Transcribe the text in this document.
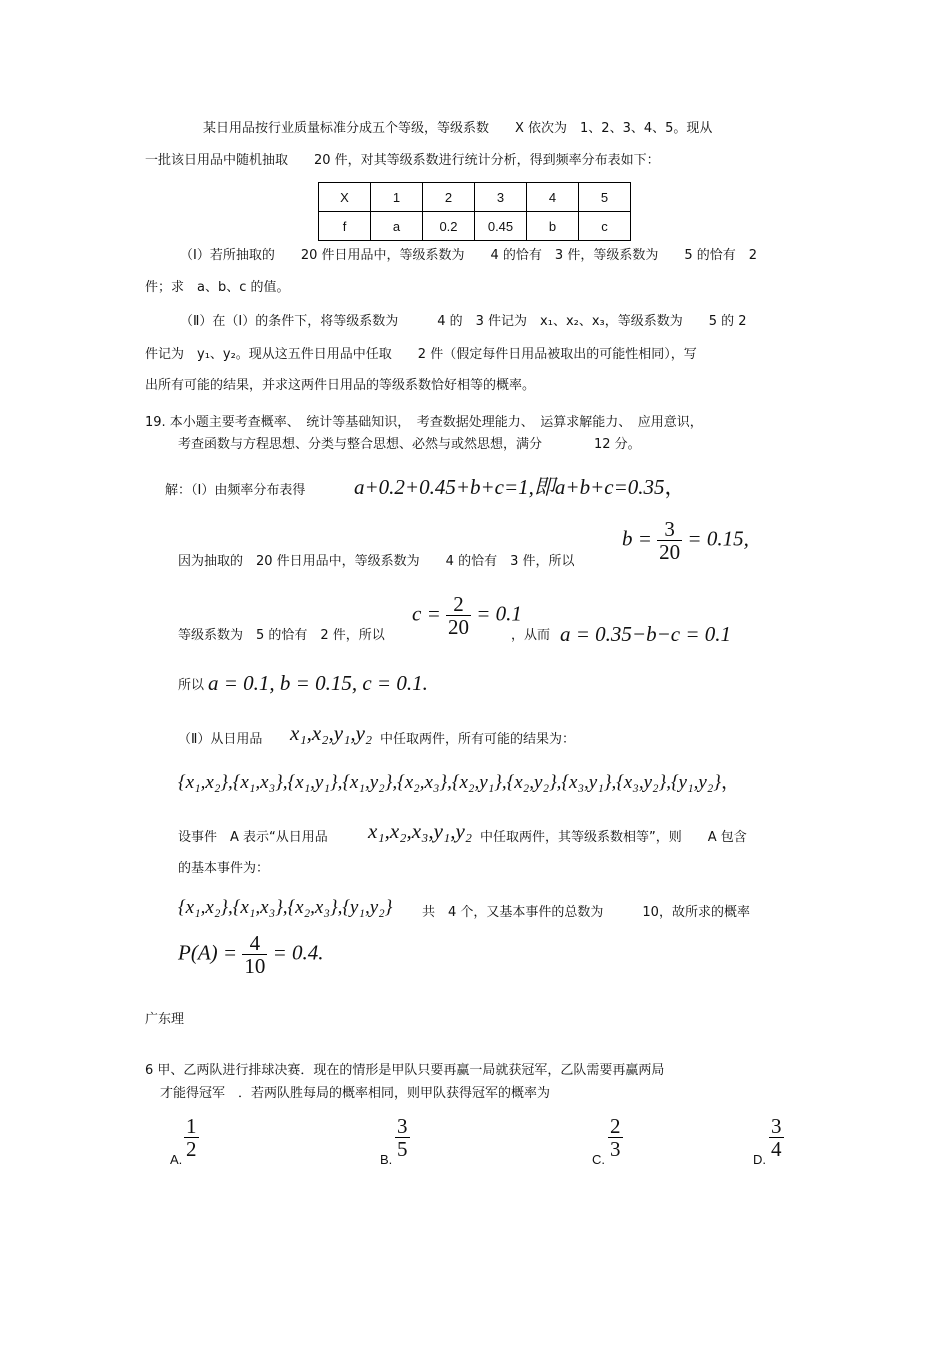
某日用品按行业质量标准分成五个等级，等级系数　　X 依次为　1、2、3、4、5。现从
一批该日用品中随机抽取　　20 件，对其等级系数进行统计分析，得到频率分布表如下：
X	1	2	3	4	5
f	a	0.2	0.45	b	c
（Ⅰ）若所抽取的　　20 件日用品中，等级系数为　　4 的恰有　3 件，等级系数为　　5 的恰有　2
件；求　a、b、c 的值。
（Ⅱ）在（Ⅰ）的条件下，将等级系数为　　　4 的　3 件记为　x₁、x₂、x₃，等级系数为　　5 的 2
件记为　y₁、y₂。现从这五件日用品中任取　　2 件（假定每件日用品被取出的可能性相同），写
出所有可能的结果，并求这两件日用品的等级系数恰好相等的概率。
19. 本小题主要考查概率、　统计等基础知识，　考查数据处理能力、　运算求解能力、　应用意识，
考查函数与方程思想、分类与整合思想、必然与或然思想，满分　　　　12 分。
解：（Ⅰ）由频率分布表得 a+0.2+0.45+b+c=1,即a+b+c=0.35，
因为抽取的　20 件日用品中，等级系数为　　4 的恰有　3 件，所以
$b = \frac{3}{20} = 0.15$,
等级系数为　5 的恰有　2 件，所以
$c = \frac{2}{20} = 0.1$
，从而 a = 0.35−b−c = 0.1
所以 a = 0.1, b = 0.15, c = 0.1.
（Ⅱ）从日用品 x₁,x₂,y₁,y₂ 中任取两件，所有可能的结果为：
{x₁,x₂},{x₁,x₃},{x₁,y₁},{x₁,y₂},{x₂,x₃},{x₂,y₁},{x₂,y₂},{x₃,y₁},{x₃,y₂},{y₁,y₂}，
设事件　A 表示“从日用品 x₁,x₂,x₃,y₁,y₂ 中任取两件，其等级系数相等”，则　　A 包含
的基本事件为：
{x₁,x₂},{x₁,x₃},{x₂,x₃},{y₁,y₂} 共　4 个，又基本事件的总数为　　　10，故所求的概率
$P(A) = \frac{4}{10} = 0.4$.
广东理
6 甲、乙两队进行排球决赛．现在的情形是甲队只要再赢一局就获冠军，乙队需要再赢两局
才能得冠军　．若两队胜每局的概率相同，则甲队获得冠军的概率为
A. $\frac{1}{2}$	B. $\frac{3}{5}$	C. $\frac{2}{3}$	D. $\frac{3}{4}$
